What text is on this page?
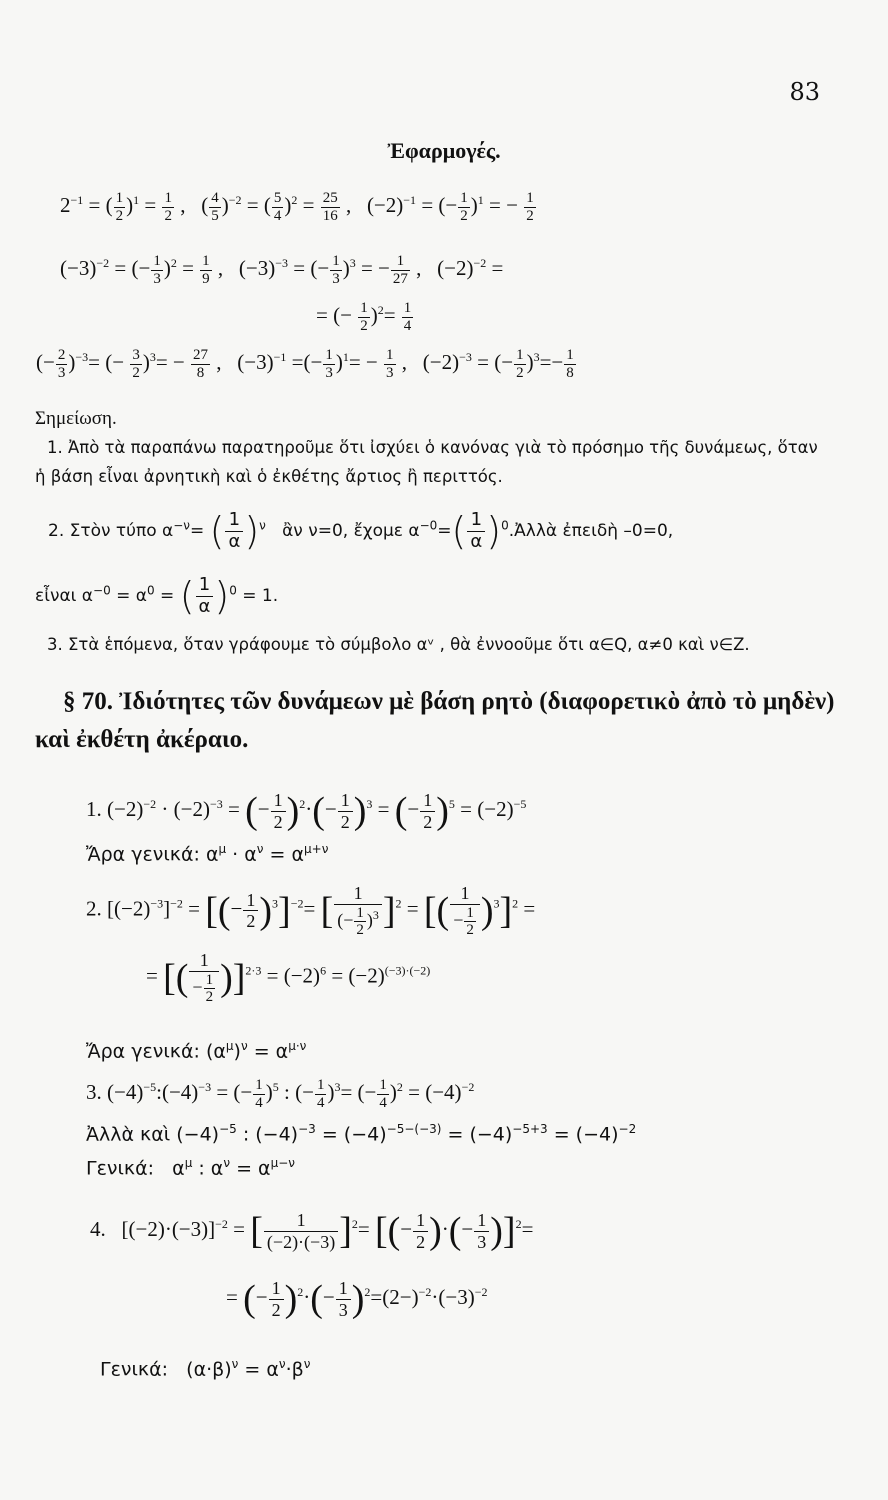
83
Ἐφαρμογές.
$2^{-1}$ = ( $\frac{1}{2} )^1 = \frac{1}{2}$ ,   ( $\frac{4}{5} )^{-2}$ = ( $\frac{5}{4} )^2 = \frac{25}{16}$ ,   $(-2)^{-1}$ = (− $\frac{1}{2} )^1$ = − $\frac{1}{2}$
$(-3)^{-2}$ = (− $\frac{1}{3} )^2 = \frac{1}{9}$ ,   $(-3)^{-3}$ = (− $\frac{1}{3} )^3$ = − $\frac{1}{27}$ ,   $(-2)^{-2}$ =
= (− $\frac{1}{2} )^2= \frac{1}{4}$
(− $\frac{2}{3} )^{-3}=$ (− $\frac{3}{2} )^3= - \frac{27}{8}$ ,   $(-3)^{-1}$ =(− $\frac{1}{3} )^1= - \frac{1}{3}$ ,   $(-2)^{-3}$ = (− $\frac{1}{2} )^3=- \frac{1}{8}$
Σημείωση.
1. Ἀπὸ τὰ παραπάνω παρατηροῦμε ὅτι ἰσχύει ὁ κανόνας γιὰ τὸ πρόσημο τῆς δυνάμεως, ὅταν ἡ βάση εἶναι ἀρνητικὴ καὶ ὁ ἐκθέτης ἄρτιος ἢ περιττός.
2. Στὸν τύπο $\alpha^{-\nu}=$ ( $\frac{1}{\alpha} )^\nu$ ἂν ν=0, ἔχομε $\alpha^{-0}=( \frac{1}{\alpha}$ )$^0.Ἀ\lambda\lambda ὰ$ ἐπειδὴ –0=0,
εἶναι $\alpha^{-0} = \alpha^0$ = ( $\frac{1}{\alpha} )^0 = 1$.
3. Στὰ ἑπόμενα, ὅταν γράφουμε τὸ σύμβολο αᵛ , θὰ ἐννοοῦμε ὅτι α∈Q, α≠0 καὶ ν∈Z.
§ 70. Ἰδιότητες τῶν δυνάμεων μὲ βάση ρητὸ (διαφορετικὸ ἀπὸ τὸ μηδὲν) καὶ ἐκθέτη ἀκέραιο.
1. $(-2)^{-2} \cdot (-2)^{-3}$ = (− $\frac{1}{2} )^2\cdot(- \frac{1}{2} )^3$ = (− $\frac{1}{2} )^5 = (-2)^{-5}$
Ἄρα γενικά: $\alpha^\mu \cdot \alpha^\nu = \alpha^{\mu+\nu}$
2. $[(-2)^{-3}]^{-2}$ = [(− $\frac{1}{2} )^3]^{-2}=$ [ $\frac{1}{(- \frac{1}{2} )^3} ]^2$ = [( $\frac{1}{- \frac{1}{2}} )^3]^2$ =
= [( $\frac{1}{- \frac{1}{2}} )]^{2\cdot 3} = (-2)^6 = (-2)^{(-3)\cdot(-2)}$
Ἄρα γενικά: $(\alpha^\mu)^\nu = \alpha^{\mu\cdot\nu}$
3. $(-4)^{-5}:(-4)^{-3}$ = (− $\frac{1}{4} )^5$ : (− $\frac{1}{4} )^3=$ (− $\frac{1}{4} )^2 = (-4)^{-2}$
Ἀλλὰ καὶ $(-4)^{-5}$ : $(-4)^{-3} = (-4)^{-5-(-3)} = (-4)^{-5+3} = (-4)^{-2}$
Γενικά:   $\alpha^\mu$ : $\alpha^\nu = \alpha^{\mu-\nu}$
4.   $[(-2)\cdot(-3)]^{-2}$ = [ $\frac{1}{(-2)\cdot(-3)} ]^2=$ [(− $\frac{1}{2}$ )·(− $\frac{1}{3} )]^2=$
= (− $\frac{1}{2} )^2\cdot(- \frac{1}{3} )^2=(2-)^{-2}\cdot(-3)^{-2}$
Γενικά:   $(\alpha\cdot\beta)^\nu = \alpha^\nu\cdot\beta^\nu$
